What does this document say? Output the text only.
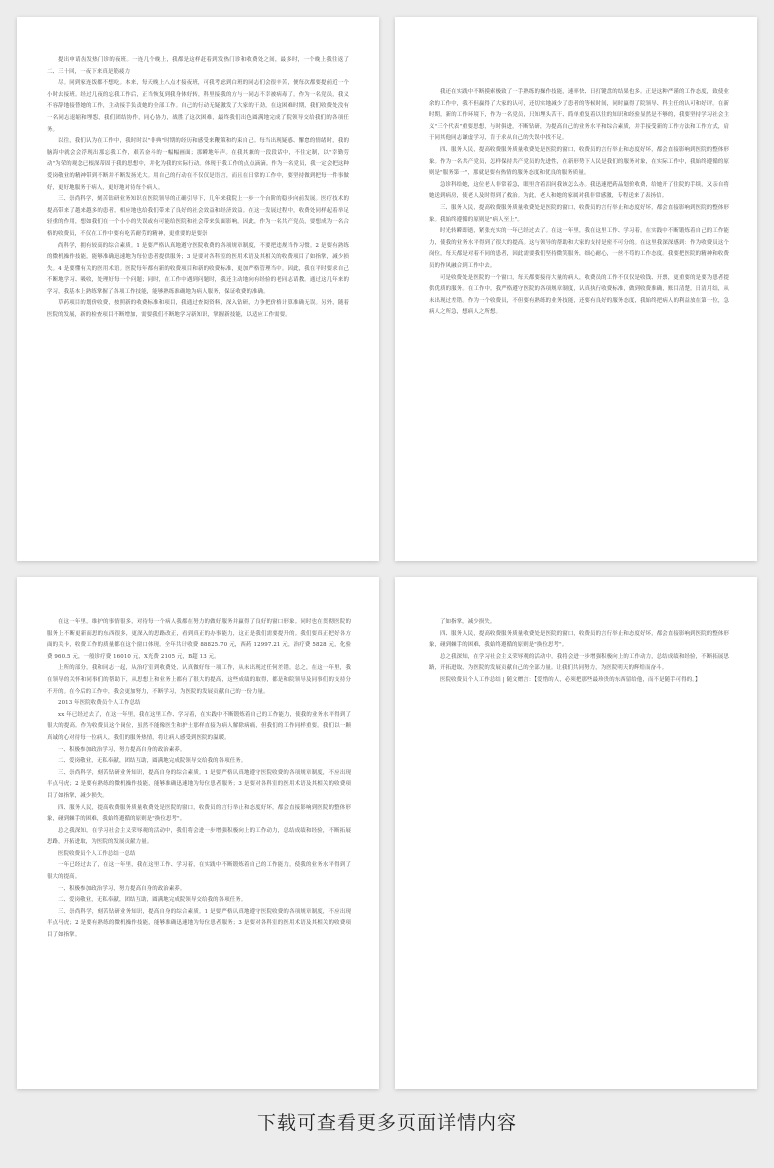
提出申请齿发热门诊的夜班。一连几个晚上，我都是这样赶着到发热门诊和收费处之间，最多时，一个晚上我往返了二、三十回，一夜下来真是筋疲力

尽。同到家连饭都不想吃。本来，每天晚上八点才接夜班，可我考虑到白班的同志们会很辛苦，便每次都要提前近一个小时去接班。经过几夜的忘我工作后，正当恢复到我身体好转，科里接我的方与一同志不幸被病毒了。作为一名党员，我义不容辞地接替她的工作，主动接手负责她的全部工作。自己的行动无疑激发了大家的干劲，在这困难时期，我们收费处没有一名同志退缩和埋怨，我们团结协作，同心协力，战胜了这次困难，最终我们出色圆满地完成了院领导交给我们的各项任务。

以往，我们认为在工作中，我时时以"非典"时期的经历和感受来鞭策和约束自己。每当出现疑惑、懈怠的情绪时，我的脑海中就会会浮现出那忘我工作，艰苦奋斗的一幅幅画面；那瞬地年声。在我其兼的一段段话中，不住定制，以"幸勤劳动"为荣的观念已根深蒂固于我的思想中，并化为我的实际行动。体现于我工作的点点滴滴。作为一名党员，我一定会把这种爱岗敬业的精神带到不断并不断发扬光大。用自己的行动在不仅仅是语言，而且在日常的工作中，要坚持做到把每一件事做好，更好地服务于病人，更好地对待每个病人。

三、崇尚科学，刻苦钻研业务知识在医院领导的正确引导下，几年来我院上一步一个台阶的稳步向前发展。医疗技术的提高带来了越来越多的患者，相应地也给我们带来了良好的社会效益和经济效益。在这一发展过程中，收费处同样起着举足轻重的作用，想如我们在一个小小的失误或有可能给医院和社会带来负面影响，因此，作为一名共产党员，要想成为一名合格的收费员，不仅在工作中要有吃苦耐劳的精神，更重要的是要崇

尚科学，拥有较高的综合素质。1 是要严格认真地遵守医院收费的各项规章制度，不要把违规当作习惯。2 是要有熟练的微机操作技能，能够准确迅速地为每位患者提供服务；3 是要对各科室的医用术语及其相关的收费项目了如指掌，减少损失。4 是要懂有关的医用术语。医院每年都有新的收费项目和新的收费标准，更加严格管理当中。因此，我在平时要求自己不断地学习、吸收，处理好每一个问题；同时，在工作中遇到问题时，我还主动地向有经验的老同志请教。通过这几年来的学习，我基本上熟练掌握了各项工作技能，能够熟练准确地为病人服务，保证收费的准确。

草药项目的划价收费，按照新的收费标准和项目，我通过查阅资料，深入钻研，力争把价格计算准确无误。另外，随着医院的发展，新的检查项目不断增加，需要我们不断地学习新知识，掌握新技能，以适应工作需要。

我还在实践中不断摸索极致了一手熟练的操作技能，速率快、日打键盘的结果也多。正是这种严谨的工作态度，致使业余的工作中，我不但赢得了大家的认可，还切实地减少了患者的等候时间，同时赢得了院领导、科主任的认可和好评。在新时期，新的工作环境下，作为一名党员，只知埋头苦干、简单重复着以往的知识和经验显然是不够的，我要坚持学习社会主义"三个代表"重要思想，与时俱进，不断钻研，为提高自己的业务水平和综合素质，并手接受新的工作方法和工作方式，肩于同其他同志谦虚学习，肯于求从自己的失误中找不足。

四、服务人民，提高收费服务质量收费处是医院的窗口，收费员的言行举止和态度好坏，都会直接影响到医院的整体形象。作为一名共产党员，怎样保持共产党员的先进性，在新形势下人民是我们的服务对象，在实际工作中，我始终遵循的原则是"服务第一"，那就是要有热情的服务态度和优良的服务质量。

急诊科给她，这位老人非常着急，眼里含着泪问我该怎么办。我迅速把药品划价收费，给她开了住院的手续，又亲自将她送到病房，使老人及时得到了救治。为此，老人和她的家属对我非常感激，专程送来了表扬信。

三、服务人民，提高收费服务质量收费处是医院的窗口，收费员的言行举止和态度好坏，都会直接影响到医院的整体形象。我始终遵循的原则是"病人至上"。

时光转瞬即逝，紧张充实的一年已经过去了。在这一年里，我在这里工作、学习着，在实践中不断锻炼着自己的工作能力，使我的业务水平得到了很大的提高。这与领导的帮助和大家的支持是密不可分的。在这里我深深感到：作为收费员这个岗位，每天都是对着不同的患者，因此需要我们坚持微笑服务，细心耐心，一丝不苟的工作态度。我要把医院的精神和收费员的作风融合到工作中去。

可是收费处是医院的一个窗口，每天都要接待大量的病人，收费员的工作不仅仅是收钱、开票，更重要的是要为患者提供优质的服务。在工作中，我严格遵守医院的各项规章制度，认真执行收费标准，做到收费准确，账目清楚，日清月结，从未出现过差错。作为一个收费员，不但要有熟练的业务技能，还要有良好的服务态度，我始终把病人的利益放在第一位，急病人之所急，想病人之所想。

在这一年里，维护的事情很多，对待每一个病人我都在努力的做好服务并赢得了良好的窗口形象。同时也在贯彻医院的服务上不断更新而思的东西很多，更深入的思路改正，看到真正的办事能力，这正是我们需要提升的。我们要真正把好各方面的关卡，收费工作的质量都在这个窗口体现。全年共计收费 88825.70 元，西药 12997.21 元，治疗费 5828 元，化验费 960.5 元，一般诊疗费 16010 元，X光费 2105 元，B超 13 元。

上所的部分，我和同志一起，从治疗室到收费处，认真做好每一项工作，从未出现过任何差错。总之，在这一年里，我在领导的关怀和同事们的帮助下，从思想上和业务上都有了很大的提高，这些成绩的取得，都是和院领导及同事们的支持分不开的。在今后的工作中，我会更加努力，不断学习，为医院的发展贡献自己的一份力量。

2013 年医院收费员个人工作总结

xx 年已经过去了，在这一年里，我在这里工作、学习着，在实践中不断锻炼着自己的工作能力，使我的业务水平得到了很大的提高。作为收费员这个岗位，虽然不能像医生和护士那样直接为病人解除病痛，但我们的工作同样重要。我们以一颗真诚的心对待每一位病人，我们的服务热情，将让病人感受到医院的温暖。

一、积极参加政治学习，努力提高自身的政治素养。

二、爱岗敬业，无私奉献，团结互助，圆满地完成院领导交给我的各项任务。

三、崇尚科学，刻苦钻研业务知识，提高自身的综合素质。1 是要严格认真地遵守医院收费的各项规章制度，不应出现半点马虎；2 是要有熟练的微机操作技能，能够准确迅速地为每位患者服务；3 是要对各科室的医用术语及其相关的收费项目了如指掌，减少损失。

四、服务人民，提高收费服务质量收费处是医院的窗口，收费员的言行举止和态度好坏，都会直接影响到医院的整体形象，碰到棘手的困难，我始终遵循的原则是"换位思考"。

总之我深知，在学习社会主义荣辱观的活动中，我们将会进一步增强积极向上的工作动力，总结成绩和经验，不断拓展思路，开拓进取，为医院的发展贡献力量。

医院收费员个人工作总结一总结

一年已经过去了，在这一年里，我在这里工作、学习着，在实践中不断锻炼着自己的工作能力，使我的业务水平得到了很大的提高。

一、积极参加政治学习，努力提高自身的政治素养。

二、爱岗敬业，无私奉献，团结互助，圆满地完成院领导交给我的各项任务。

三、崇尚科学，刻苦钻研业务知识，提高自身的综合素质。1 是要严格认真地遵守医院收费的各项规章制度，不应出现半点马虎；2 是要有熟练的微机操作技能，能够准确迅速地为每位患者服务；3 是要对各科室的医用术语及其相关的收费项目了如指掌。

了如指掌，减少损失。

四、服务人民，提高收费服务质量收费处是医院的窗口，收费员的言行举止和态度好坏，都会直接影响到医院的整体形象，碰到棘手的困难，我始终遵循的原则是"换位思考"。

总之我深知，在学习社会主义荣辱观的活动中，我将会进一步增强积极向上的工作动力，总结成绩和经验，不断拓展思路，开拓进取，为医院的发展贡献自己的全部力量。让我们共同努力，为医院明天的辉煌而奋斗。

医院收费员个人工作总结 | 随文赠言：【爱惜的人，必须把那些最珍贵的东西留给他，而不是随手可得的。】

下载可查看更多页面详情内容
